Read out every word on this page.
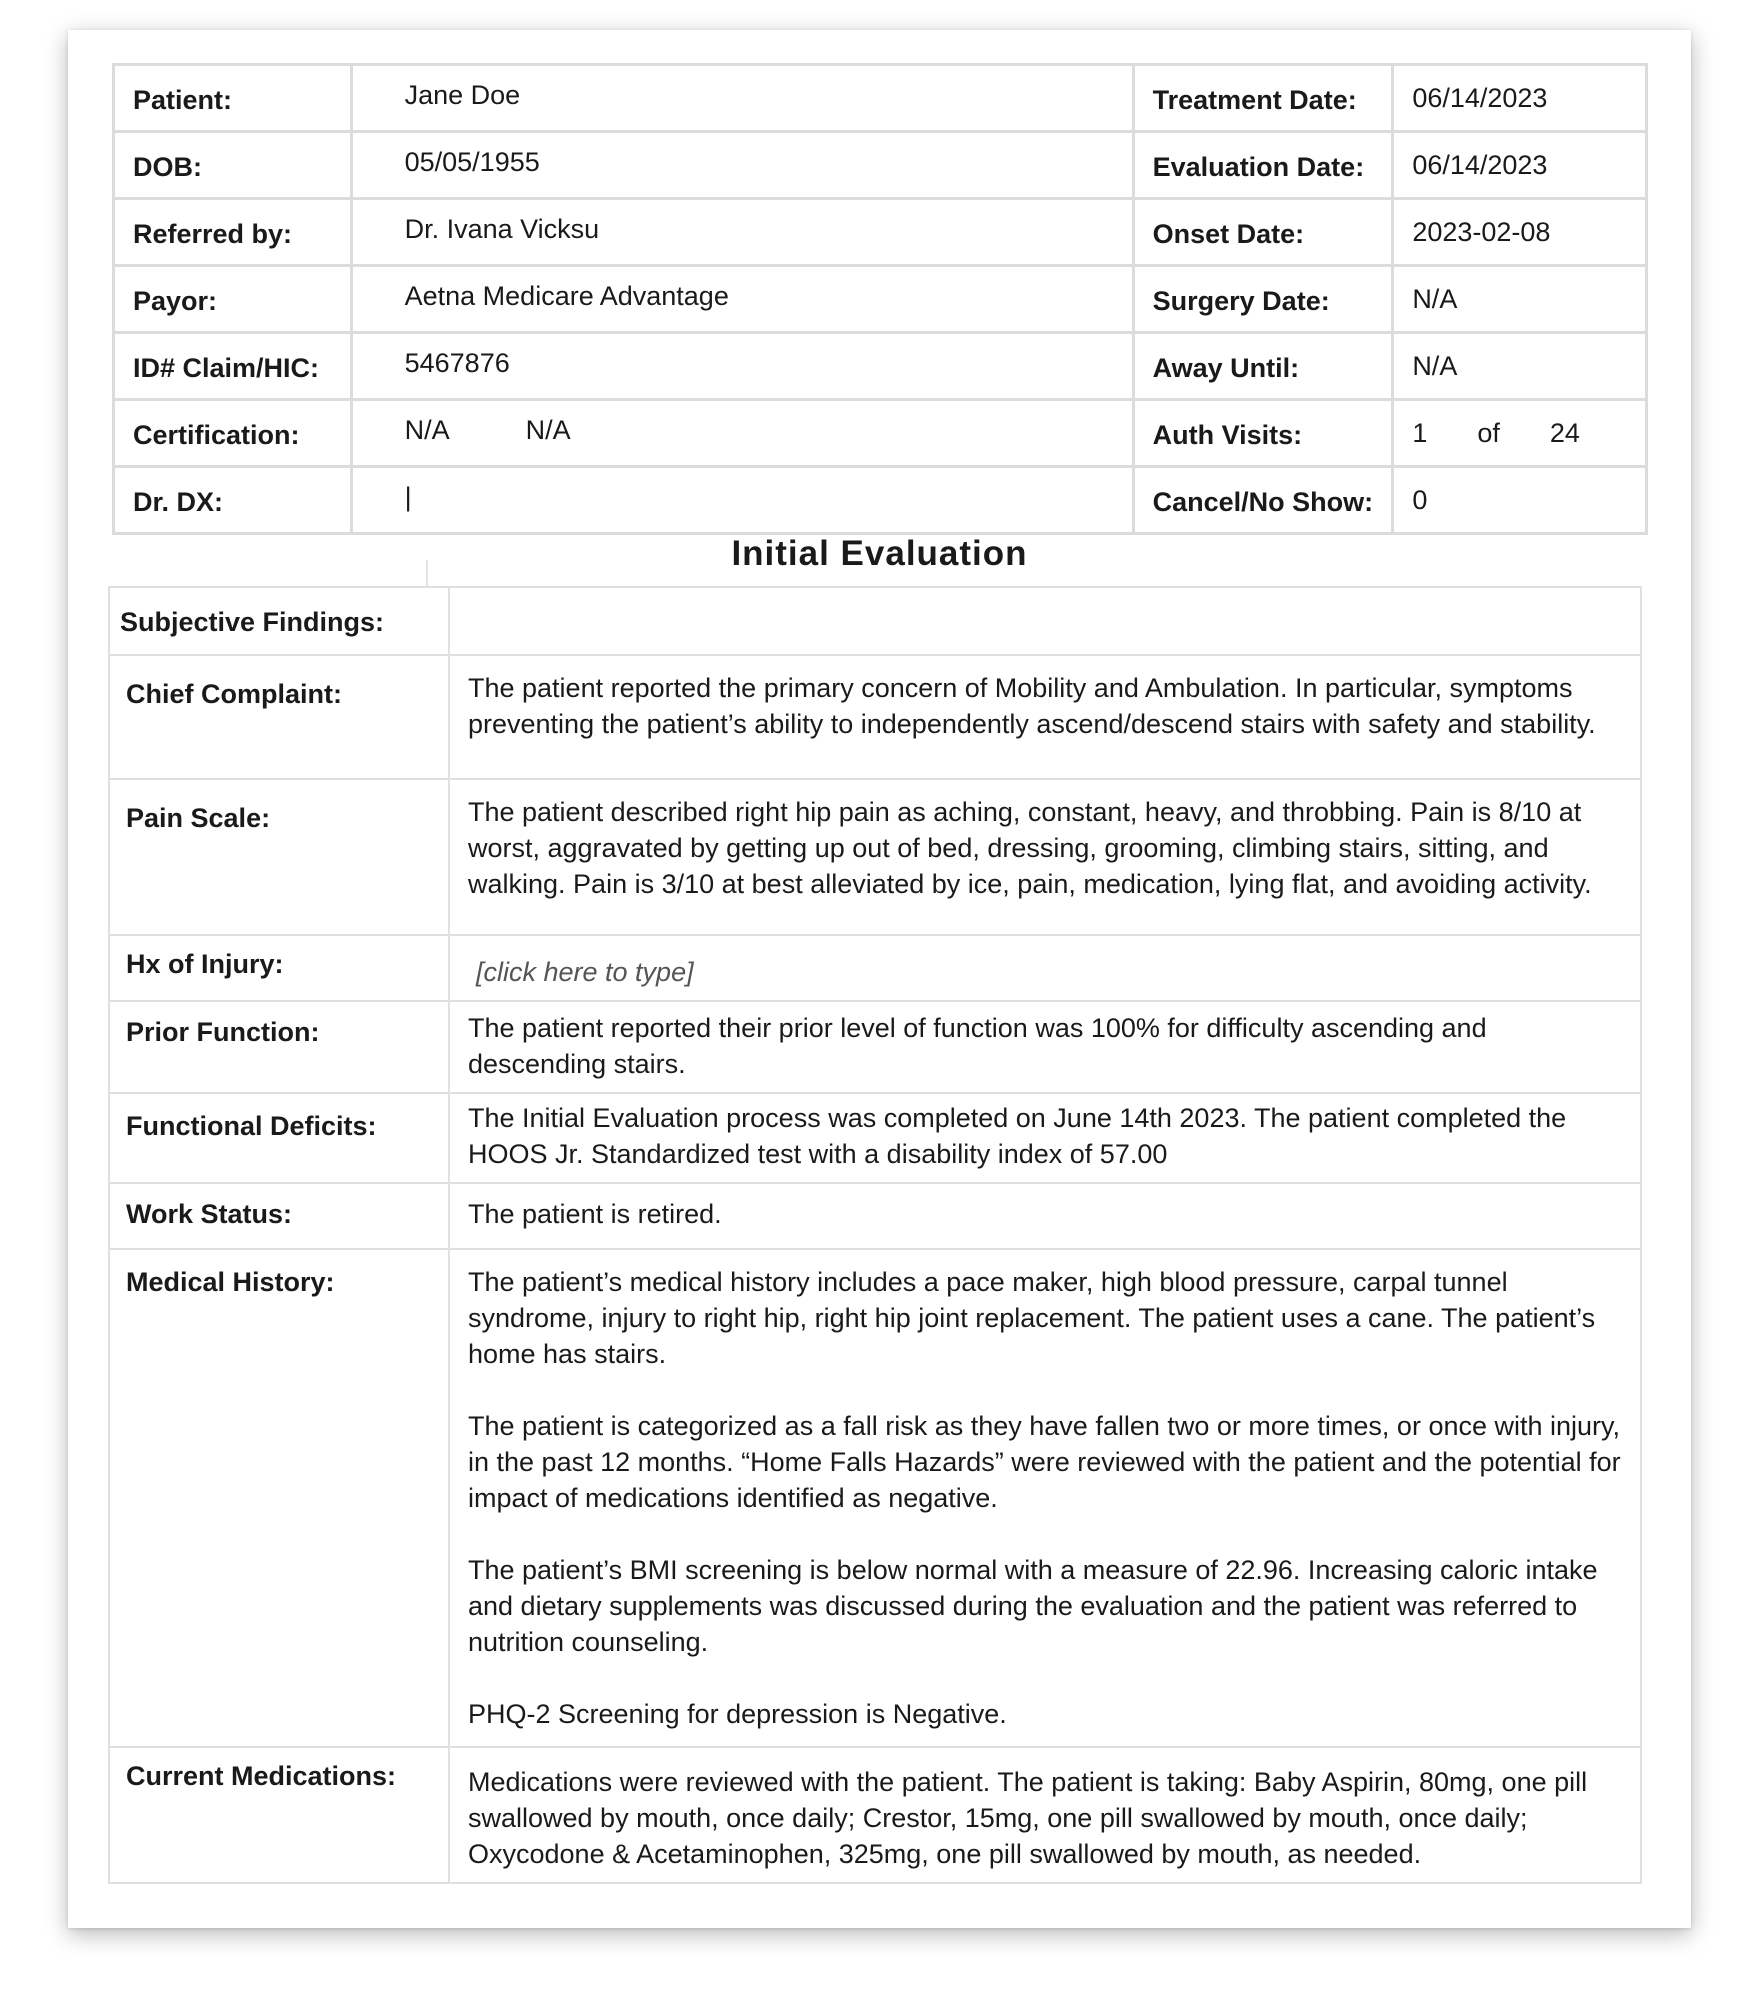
Patient:	Jane Doe	Treatment Date:	06/14/2023
DOB:	05/05/1955	Evaluation Date:	06/14/2023
Referred by:	Dr. Ivana Vicksu	Onset Date:	2023-02-08
Payor:	Aetna Medicare Advantage	Surgery Date:	N/A
ID# Claim/HIC:	5467876	Away Until:	N/A
Certification:	N/A N/A	Auth Visits:	1 of 24
Dr. DX:	|	Cancel/No Show:	0
Initial Evaluation
Subjective Findings:	
Chief Complaint:	The patient reported the primary concern of Mobility and Ambulation. In particular, symptoms preventing the patient’s ability to independently ascend/descend stairs with safety and stability.
Pain Scale:	The patient described right hip pain as aching, constant, heavy, and throbbing. Pain is 8/10 at worst, aggravated by getting up out of bed, dressing, grooming, climbing stairs, sitting, and walking. Pain is 3/10 at best alleviated by ice, pain, medication, lying flat, and avoiding activity.
Hx of Injury:	[click here to type]
Prior Function:	The patient reported their prior level of function was 100% for difficulty ascending and descending stairs.
Functional Deficits:	The Initial Evaluation process was completed on June 14th 2023. The patient completed the HOOS Jr. Standardized test with a disability index of 57.00
Work Status:	The patient is retired.
Medical History:	The patient’s medical history includes a pace maker, high blood pressure, carpal tunnel syndrome, injury to right hip, right hip joint replacement. The patient uses a cane. The patient’s home has stairs.

The patient is categorized as a fall risk as they have fallen two or more times, or once with injury, in the past 12 months. “Home Falls Hazards” were reviewed with the patient and the potential for impact of medications identified as negative.

The patient’s BMI screening is below normal with a measure of 22.96. Increasing caloric intake and dietary supplements was discussed during the evaluation and the patient was referred to nutrition counseling.

PHQ-2 Screening for depression is Negative.

Current Medications:	Medications were reviewed with the patient. The patient is taking: Baby Aspirin, 80mg, one pill swallowed by mouth, once daily; Crestor, 15mg, one pill swallowed by mouth, once daily; Oxycodone & Acetaminophen, 325mg, one pill swallowed by mouth, as needed.
